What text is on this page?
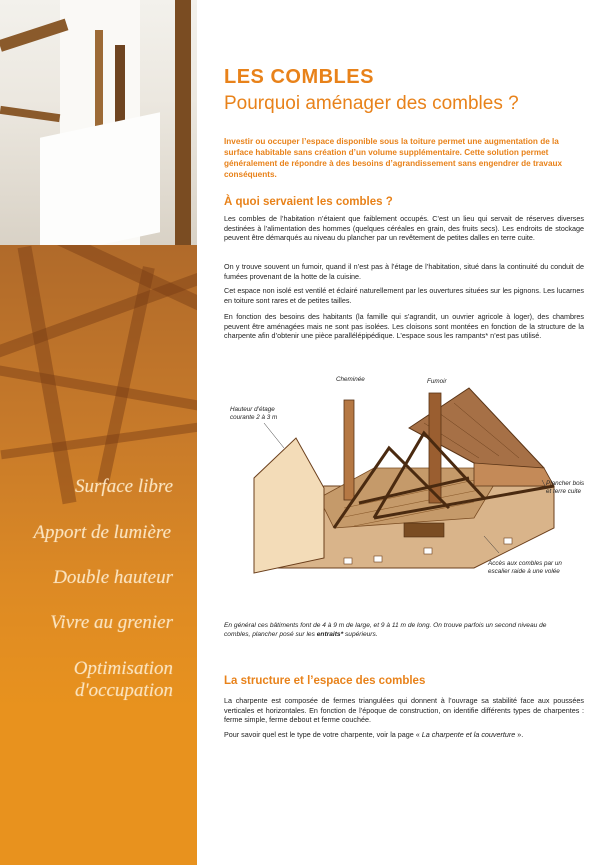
Surface libre
Apport de lumière
Double hauteur
Vivre au grenier
Optimisation
d'occupation
LES COMBLES
Pourquoi aménager des combles ?
Investir ou occuper l’espace disponible sous la toiture permet une augmentation de la surface habitable sans création d’un volume supplémentaire. Cette solution permet généralement de répondre à des besoins d’agrandissement sans engendrer de travaux conséquents.
À quoi servaient les combles ?
Les combles de l’habitation n’étaient que faiblement occupés. C’est un lieu qui servait de réserves diverses destinées à l’alimentation des hommes (quelques céréales en grain, des fruits secs). Les endroits de stockage peuvent être démarqués au niveau du plancher par un revêtement de petites dalles en terre cuite.
On y trouve souvent un fumoir, quand il n’est pas à l’étage de l’habitation, situé dans la continuité du conduit de fumées provenant de la hotte de la cuisine.
Cet espace non isolé est ventilé et éclairé naturellement par les ouvertures situées sur les pignons. Les lucarnes en toiture sont rares et de petites tailles.
En fonction des besoins des habitants (la famille qui s’agrandit, un ouvrier agricole à loger), des chambres peuvent être aménagées mais ne sont pas isolées. Les cloisons sont montées en fonction de la structure de la charpente afin d’obtenir une pièce parallélépipédique. L’espace sous les rampants* n’est pas utilisé.
Cheminée	Fumoir
Hauteur d’étage courante 2 à 3 m
Plancher bois et terre cuite
Accès aux combles par un escalier raide à une volée
En général ces bâtiments font de 4 à 9 m de large, et 9 à 11 m de long. On trouve parfois un second niveau de combles, plancher posé sur les entraits* supérieurs.
La structure et l’espace des combles
La charpente est composée de fermes triangulées qui donnent à l’ouvrage sa stabilité face aux poussées verticales et horizontales. En fonction de l’époque de construction, on identifie différents types de charpentes : ferme simple, ferme debout et ferme couchée.
Pour savoir quel est le type de votre charpente, voir la page « La charpente et la couverture ».
